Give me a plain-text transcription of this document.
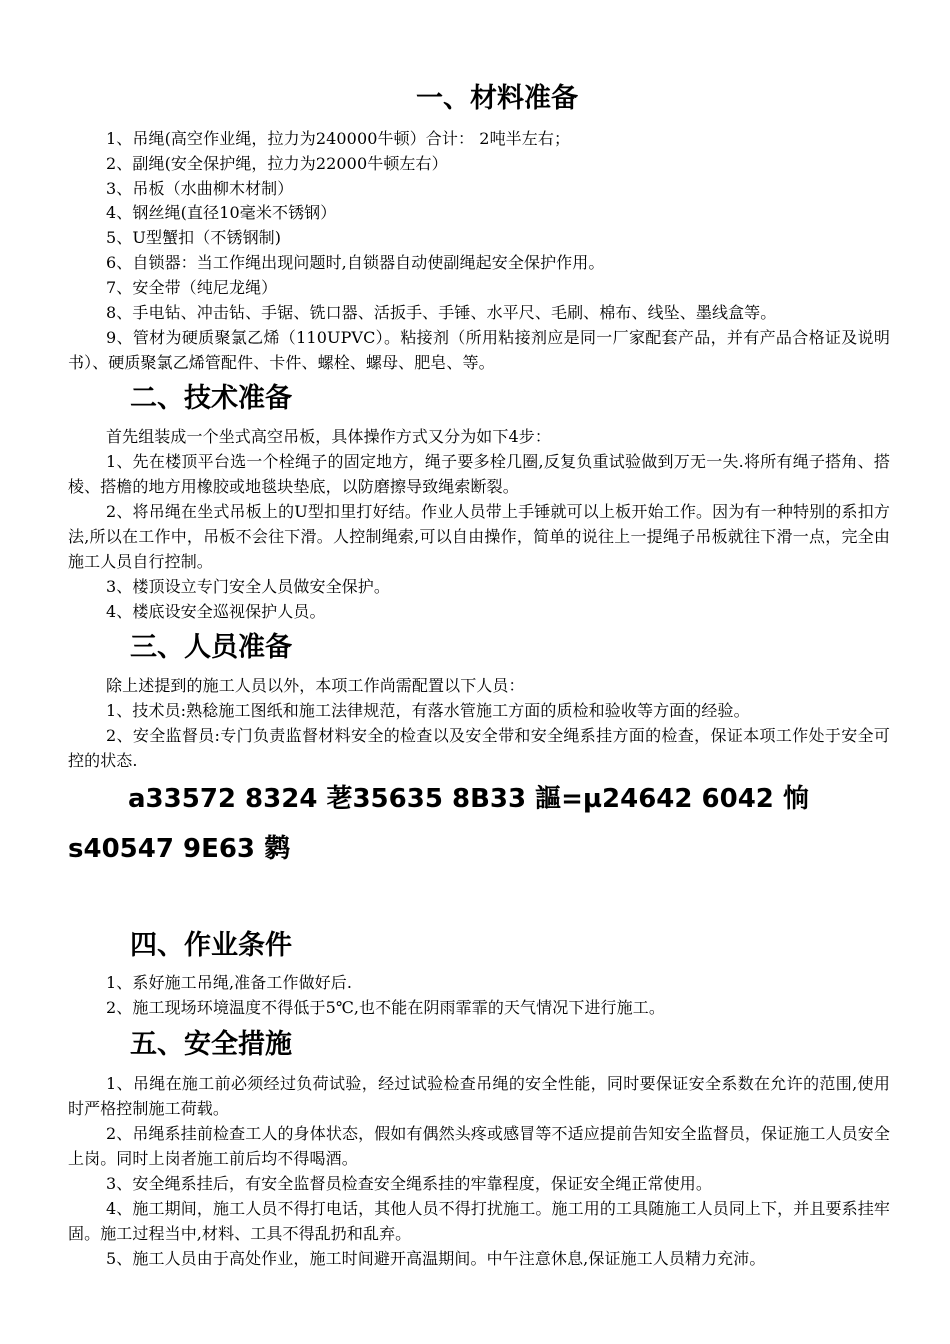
一、材料准备

1、吊绳(高空作业绳，拉力为240000牛顿）合计： 2吨半左右；

2、副绳(安全保护绳，拉力为22000牛顿左右）

3、吊板（水曲柳木材制）

4、钢丝绳(直径10毫米不锈钢）

5、U型蟹扣（不锈钢制)

6、自锁器：当工作绳出现问题时,自锁器自动使副绳起安全保护作用。

7、安全带（纯尼龙绳）

8、手电钻、冲击钻、手锯、铣口器、活扳手、手锤、水平尺、毛刷、棉布、线坠、墨线盒等。

9、管材为硬质聚氯乙烯（110UPVC）。粘接剂（所用粘接剂应是同一厂家配套产品，并有产品合格证及说明书）、硬质聚氯乙烯管配件、卡件、螺栓、螺母、肥皂、等。

二、技术准备

首先组装成一个坐式高空吊板，具体操作方式又分为如下4步：

1、先在楼顶平台选一个栓绳子的固定地方，绳子要多栓几圈,反复负重试验做到万无一失.将所有绳子搭角、搭棱、搭檐的地方用橡胶或地毯块垫底，以防磨擦导致绳索断裂。

2、将吊绳在坐式吊板上的U型扣里打好结。作业人员带上手锤就可以上板开始工作。因为有一种特别的系扣方法,所以在工作中，吊板不会往下滑。人控制绳索,可以自由操作，简单的说往上一提绳子吊板就往下滑一点，完全由施工人员自行控制。

3、楼顶设立专门安全人员做安全保护。

4、楼底设安全巡视保护人员。

三、人员准备

除上述提到的施工人员以外，本项工作尚需配置以下人员：

1、技术员:熟稔施工图纸和施工法律规范，有落水管施工方面的质检和验收等方面的经验。

2、安全监督员:专门负责监督材料安全的检查以及安全带和安全绳系挂方面的检查，保证本项工作处于安全可控的状态.

a33572 8324 荖35635 8B33 謳=µ24642 6042 恦s40547 9E63 鹲

四、作业条件

1、系好施工吊绳,准备工作做好后.

2、施工现场环境温度不得低于5℃,也不能在阴雨霏霏的天气情况下进行施工。

五、安全措施

1、吊绳在施工前必须经过负荷试验，经过试验检查吊绳的安全性能，同时要保证安全系数在允许的范围,使用时严格控制施工荷载。

2、吊绳系挂前检查工人的身体状态，假如有偶然头疼或感冒等不适应提前告知安全监督员，保证施工人员安全上岗。同时上岗者施工前后均不得喝酒。

3、安全绳系挂后，有安全监督员检查安全绳系挂的牢靠程度，保证安全绳正常使用。

4、施工期间，施工人员不得打电话，其他人员不得打扰施工。施工用的工具随施工人员同上下，并且要系挂牢固。施工过程当中,材料、工具不得乱扔和乱弃。

5、施工人员由于高处作业，施工时间避开高温期间。中午注意休息,保证施工人员精力充沛。
